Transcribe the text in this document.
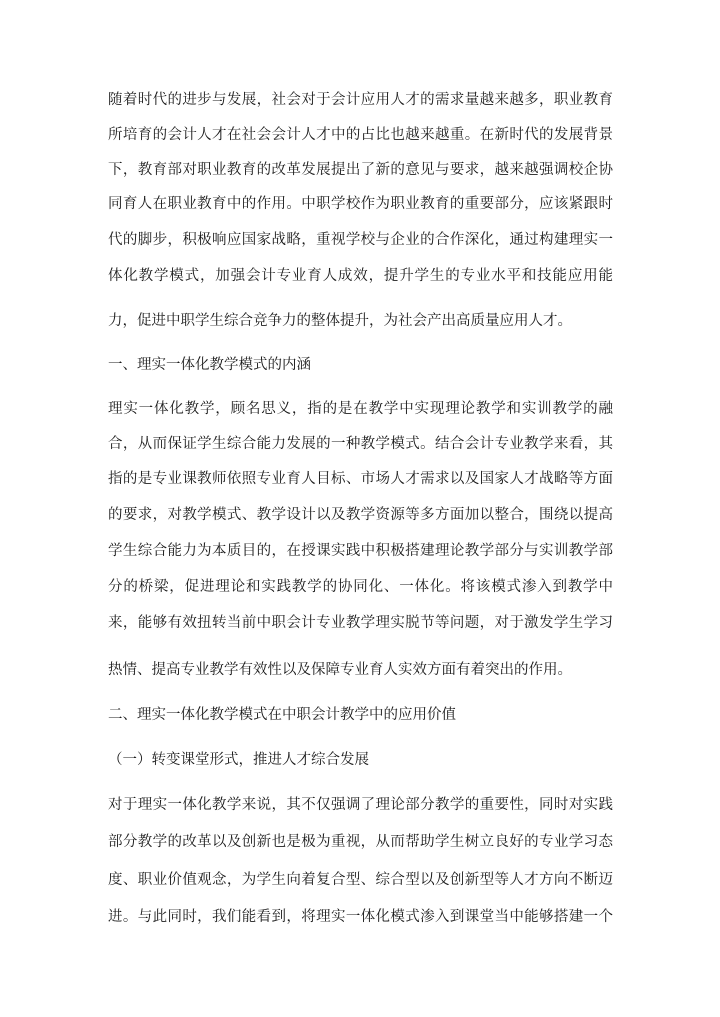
随着时代的进步与发展，社会对于会计应用人才的需求量越来越多，职业教育
所培育的会计人才在社会会计人才中的占比也越来越重。在新时代的发展背景
下，教育部对职业教育的改革发展提出了新的意见与要求，越来越强调校企协
同育人在职业教育中的作用。中职学校作为职业教育的重要部分，应该紧跟时
代的脚步，积极响应国家战略，重视学校与企业的合作深化，通过构建理实一
体化教学模式，加强会计专业育人成效，提升学生的专业水平和技能应用能
力，促进中职学生综合竞争力的整体提升，为社会产出高质量应用人才。
一、理实一体化教学模式的内涵
理实一体化教学，顾名思义，指的是在教学中实现理论教学和实训教学的融
合，从而保证学生综合能力发展的一种教学模式。结合会计专业教学来看，其
指的是专业课教师依照专业育人目标、市场人才需求以及国家人才战略等方面
的要求，对教学模式、教学设计以及教学资源等多方面加以整合，围绕以提高
学生综合能力为本质目的，在授课实践中积极搭建理论教学部分与实训教学部
分的桥梁，促进理论和实践教学的协同化、一体化。将该模式渗入到教学中
来，能够有效扭转当前中职会计专业教学理实脱节等问题，对于激发学生学习
热情、提高专业教学有效性以及保障专业育人实效方面有着突出的作用。
二、理实一体化教学模式在中职会计教学中的应用价值
（一）转变课堂形式，推进人才综合发展
对于理实一体化教学来说，其不仅强调了理论部分教学的重要性，同时对实践
部分教学的改革以及创新也是极为重视，从而帮助学生树立良好的专业学习态
度、职业价值观念，为学生向着复合型、综合型以及创新型等人才方向不断迈
进。与此同时，我们能看到，将理实一体化模式渗入到课堂当中能够搭建一个
